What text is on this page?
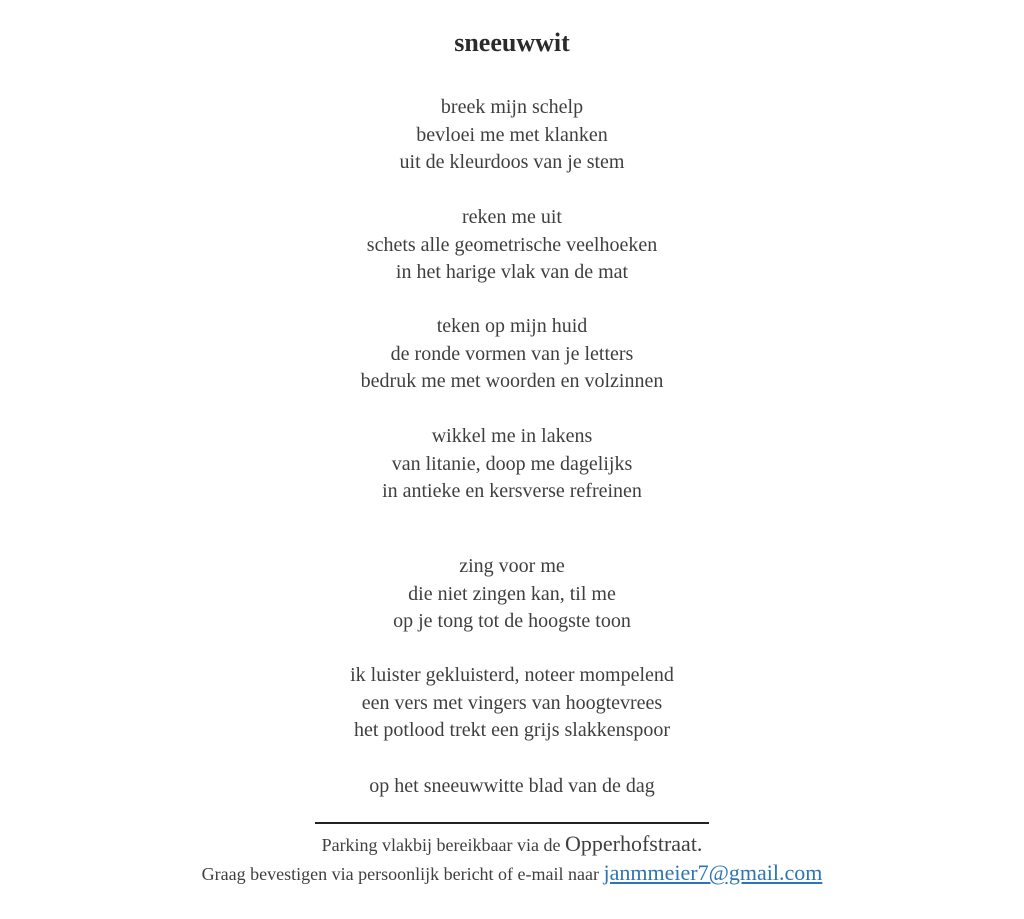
sneeuwwit
breek mijn schelp
bevloei me met klanken
uit de kleurdoos van je stem
reken me uit
schets alle geometrische veelhoeken
in het harige vlak van de mat
teken op mijn huid
de ronde vormen van je letters
bedruk me met woorden en volzinnen
wikkel me in lakens
van litanie, doop me dagelijks
in antieke en kersverse refreinen
zing voor me
die niet zingen kan, til me
op je tong tot de hoogste toon
ik luister gekluisterd, noteer mompelend
een vers met vingers van hoogtevrees
het potlood trekt een grijs slakkenspoor
op het sneeuwwitte blad van de dag
Parking vlakbij bereikbaar via de Opperhofstraat.
Graag bevestigen via persoonlijk bericht of e-mail naar janmmeier7@gmail.com
